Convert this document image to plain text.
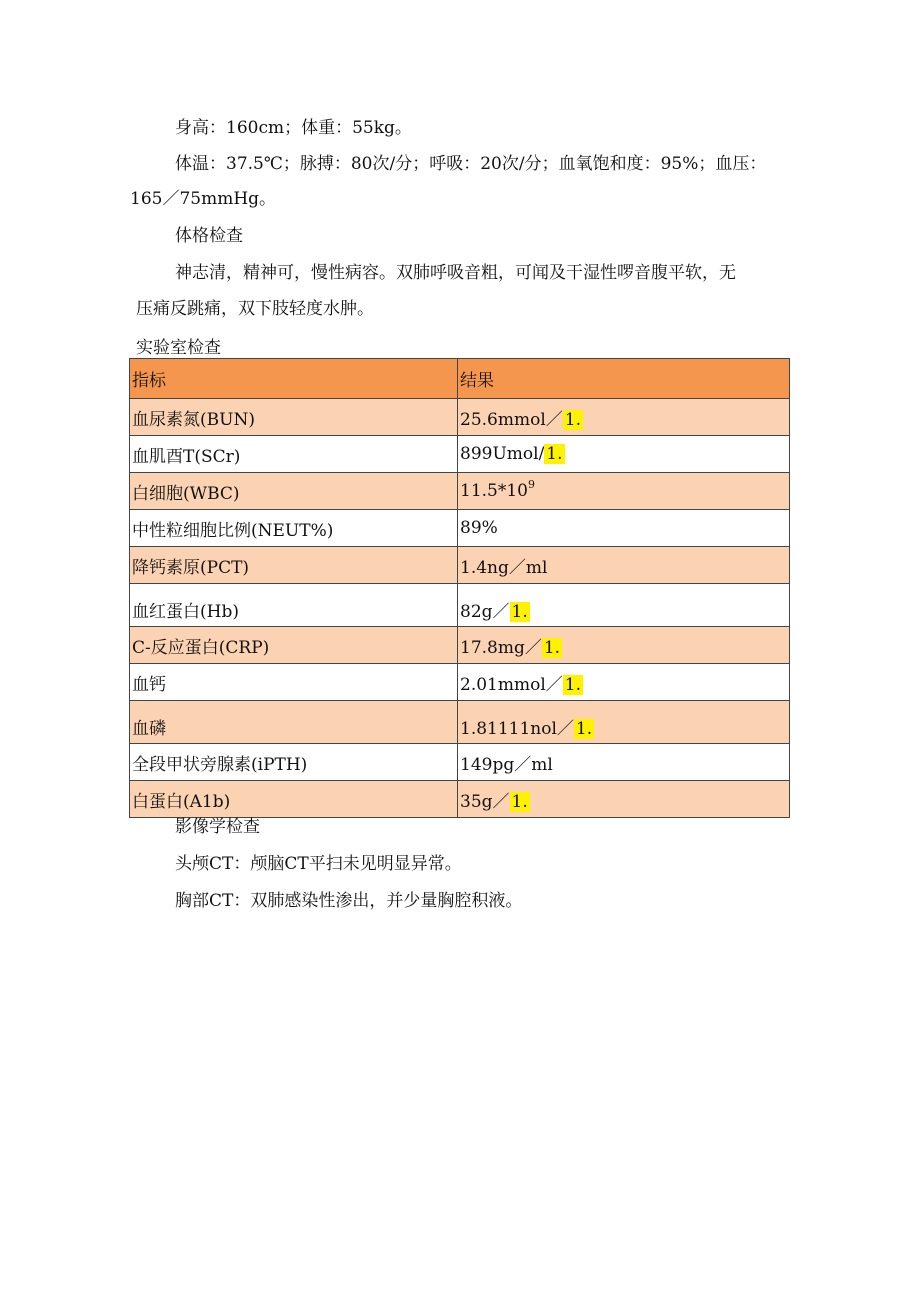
身高：160cm；体重：55kg。
体温：37.5℃；脉搏：80次/分；呼吸：20次/分；血氧饱和度：95%；血压：
165／75mmHg。
体格检查
神志清，精神可，慢性病容。双肺呼吸音粗，可闻及干湿性啰音腹平软，无
压痛反跳痛，双下肢轻度水肿。
实验室检查
指标	结果
血尿素氮(BUN)	25.6mmol／ 1.
血肌酉T(SCr)	899Umol/ 1.
白细胞(WBC)	$11.5*10^9$
中性粒细胞比例(NEUT%)	89%
降钙素原(PCT)	1.4ng／ml
血红蛋白(Hb)	82g／ 1.
C-反应蛋白(CRP)	17.8mg／ 1.
血钙	2.01mmol／ 1.
血磷	1.81111nol／ 1.
全段甲状旁腺素(iPTH)	149pg／ml
白蛋白(A1b)	35g／ 1.
影像学检查
头颅CT：颅脑CT平扫未见明显异常。
胸部CT：双肺感染性渗出，并少量胸腔积液。
